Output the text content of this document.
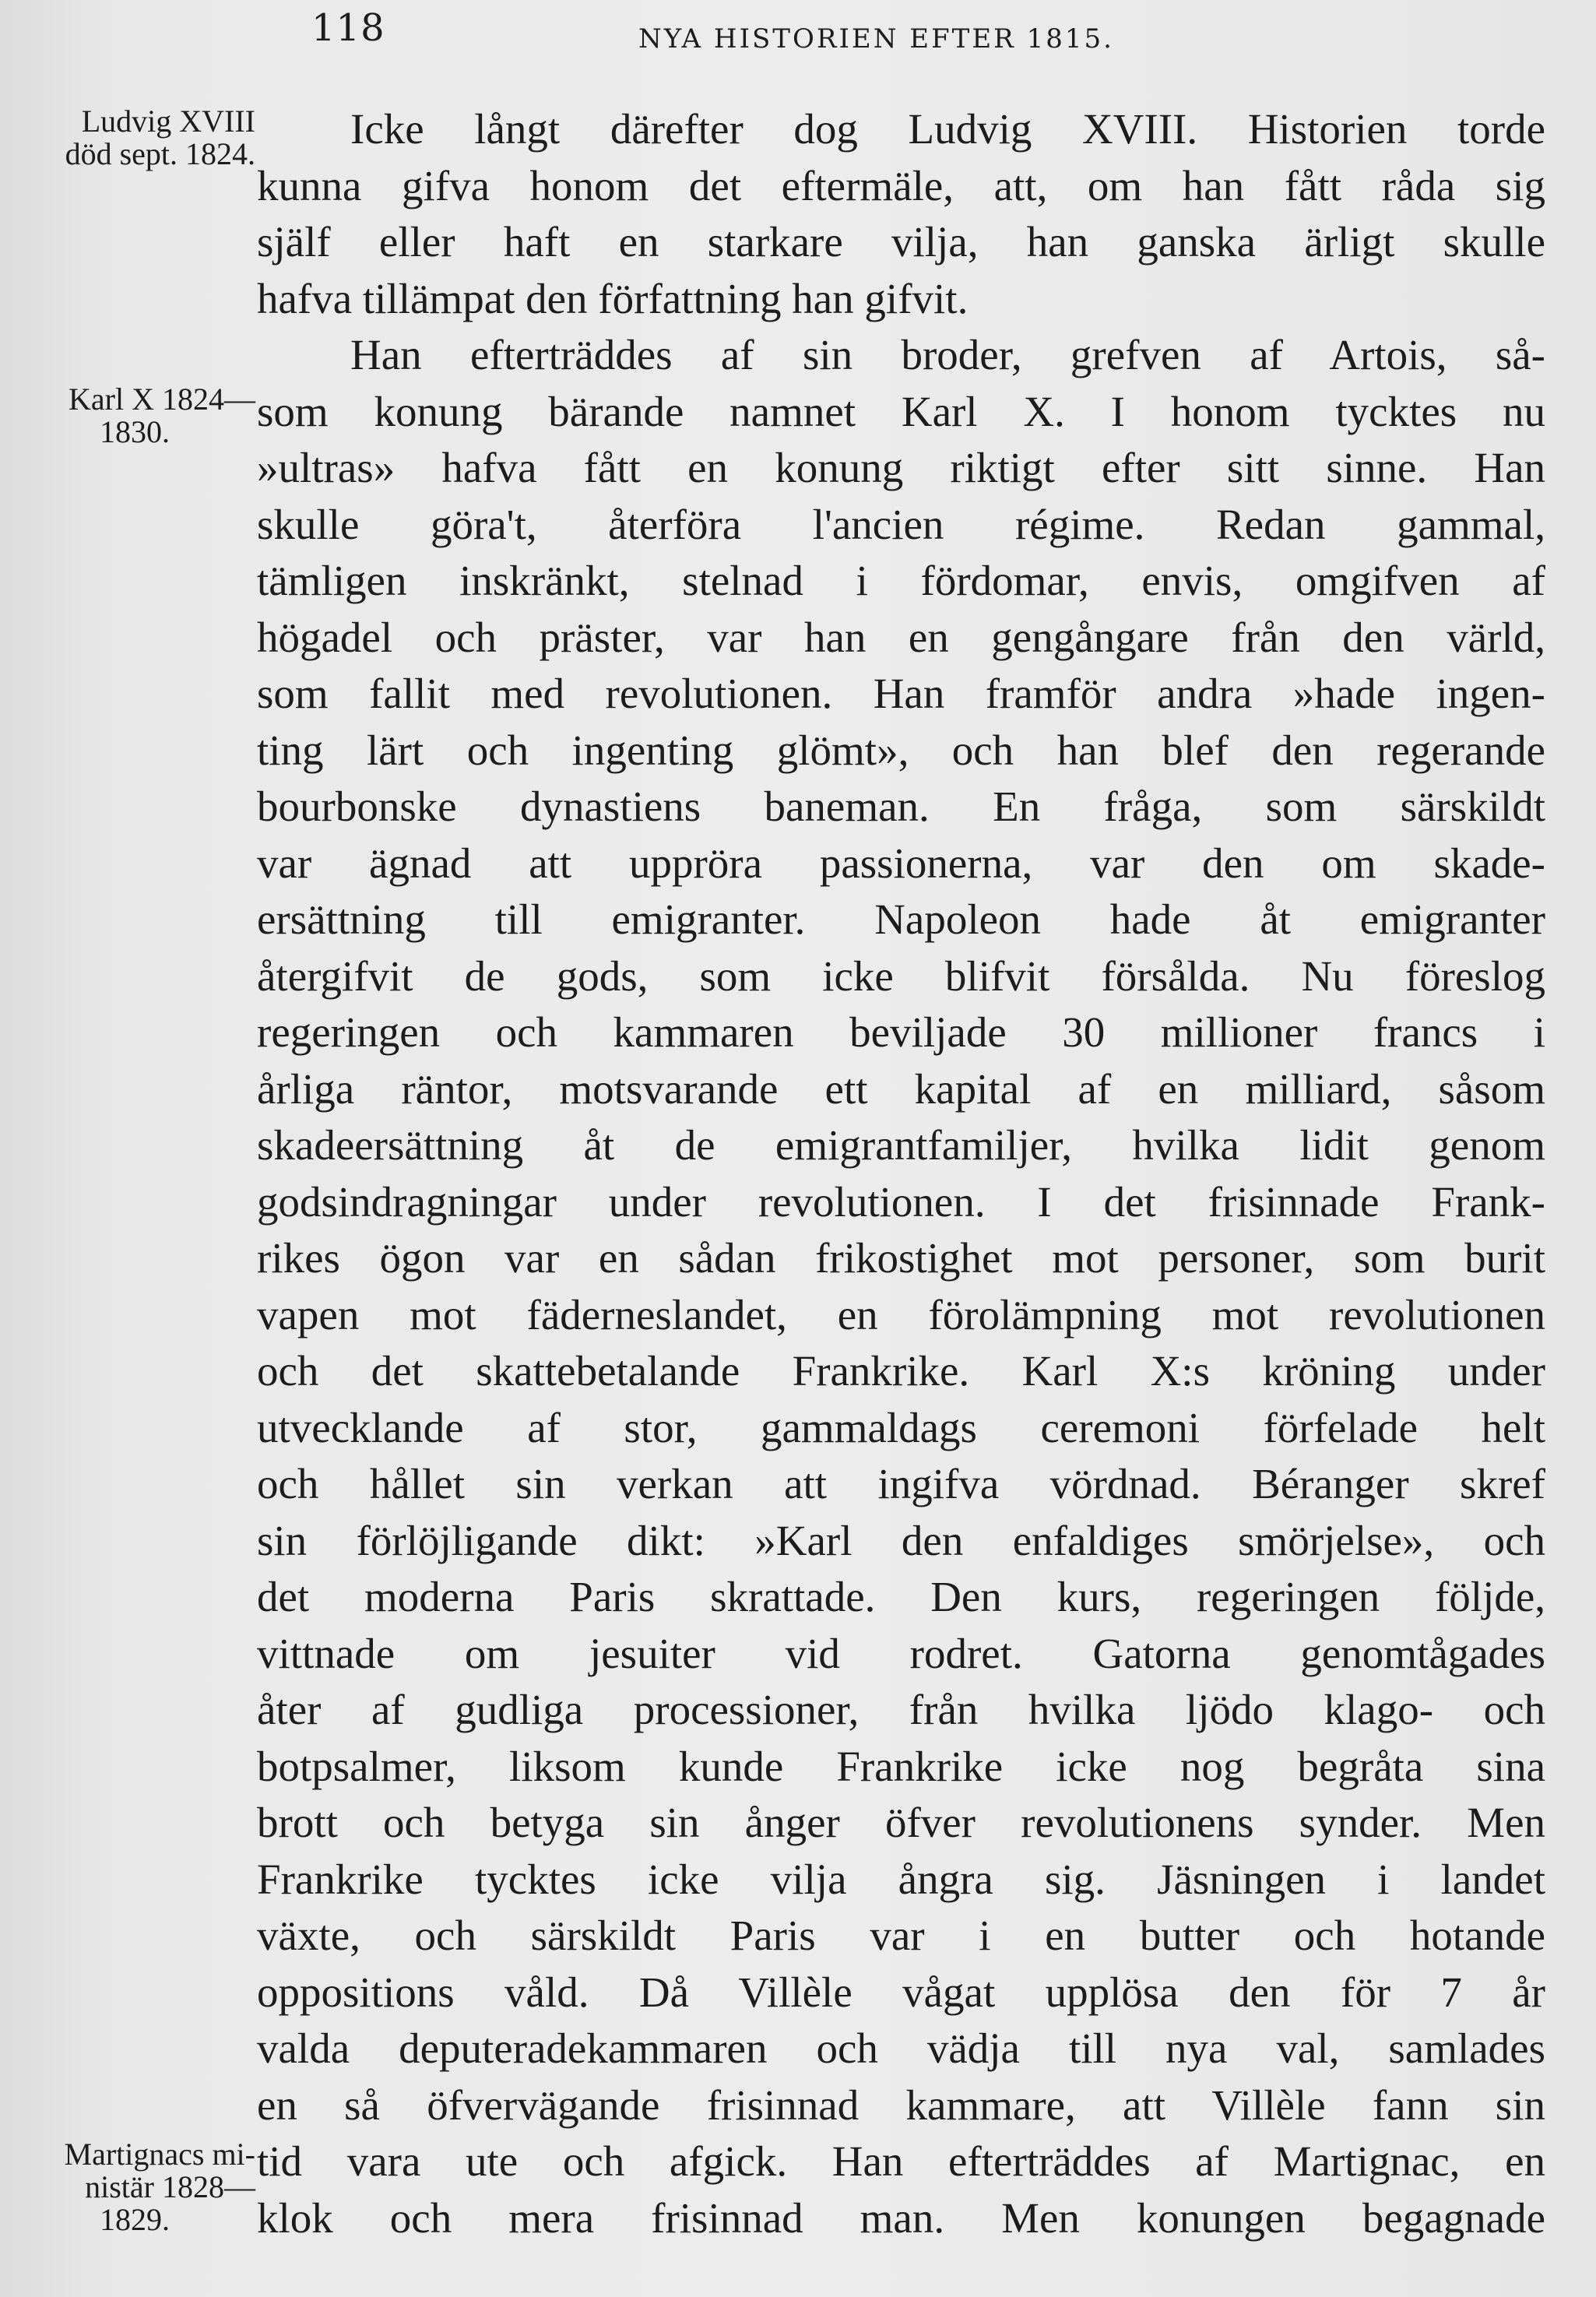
118	NYA HISTORIEN EFTER 1815.
Ludvig XVIII
död sept. 1824.
Karl X 1824—
1830.
Martignacs mi-
nistär 1828—
1829.
Icke långt därefter dog Ludvig XVIII. Historien torde
kunna gifva honom det eftermäle, att, om han fått råda sig
själf eller haft en starkare vilja, han ganska ärligt skulle
hafva tillämpat den författning han gifvit.
Han efterträddes af sin broder, grefven af Artois, så-
som konung bärande namnet Karl X. I honom tycktes nu
»ultras» hafva fått en konung riktigt efter sitt sinne. Han
skulle göra't, återföra l'ancien régime. Redan gammal,
tämligen inskränkt, stelnad i fördomar, envis, omgifven af
högadel och präster, var han en gengångare från den värld,
som fallit med revolutionen. Han framför andra »hade ingen-
ting lärt och ingenting glömt», och han blef den regerande
bourbonske dynastiens baneman. En fråga, som särskildt
var ägnad att uppröra passionerna, var den om skade-
ersättning till emigranter. Napoleon hade åt emigranter
återgifvit de gods, som icke blifvit försålda. Nu föreslog
regeringen och kammaren beviljade 30 millioner francs i
årliga räntor, motsvarande ett kapital af en milliard, såsom
skadeersättning åt de emigrantfamiljer, hvilka lidit genom
godsindragningar under revolutionen. I det frisinnade Frank-
rikes ögon var en sådan frikostighet mot personer, som burit
vapen mot fäderneslandet, en förolämpning mot revolutionen
och det skattebetalande Frankrike. Karl X:s kröning under
utvecklande af stor, gammaldags ceremoni förfelade helt
och hållet sin verkan att ingifva vördnad. Béranger skref
sin förlöjligande dikt: »Karl den enfaldiges smörjelse», och
det moderna Paris skrattade. Den kurs, regeringen följde,
vittnade om jesuiter vid rodret. Gatorna genomtågades
åter af gudliga processioner, från hvilka ljödo klago- och
botpsalmer, liksom kunde Frankrike icke nog begråta sina
brott och betyga sin ånger öfver revolutionens synder. Men
Frankrike tycktes icke vilja ångra sig. Jäsningen i landet
växte, och särskildt Paris var i en butter och hotande
oppositions våld. Då Villèle vågat upplösa den för 7 år
valda deputeradekammaren och vädja till nya val, samlades
en så öfvervägande frisinnad kammare, att Villèle fann sin
tid vara ute och afgick. Han efterträddes af Martignac, en
klok och mera frisinnad man. Men konungen begagnade
